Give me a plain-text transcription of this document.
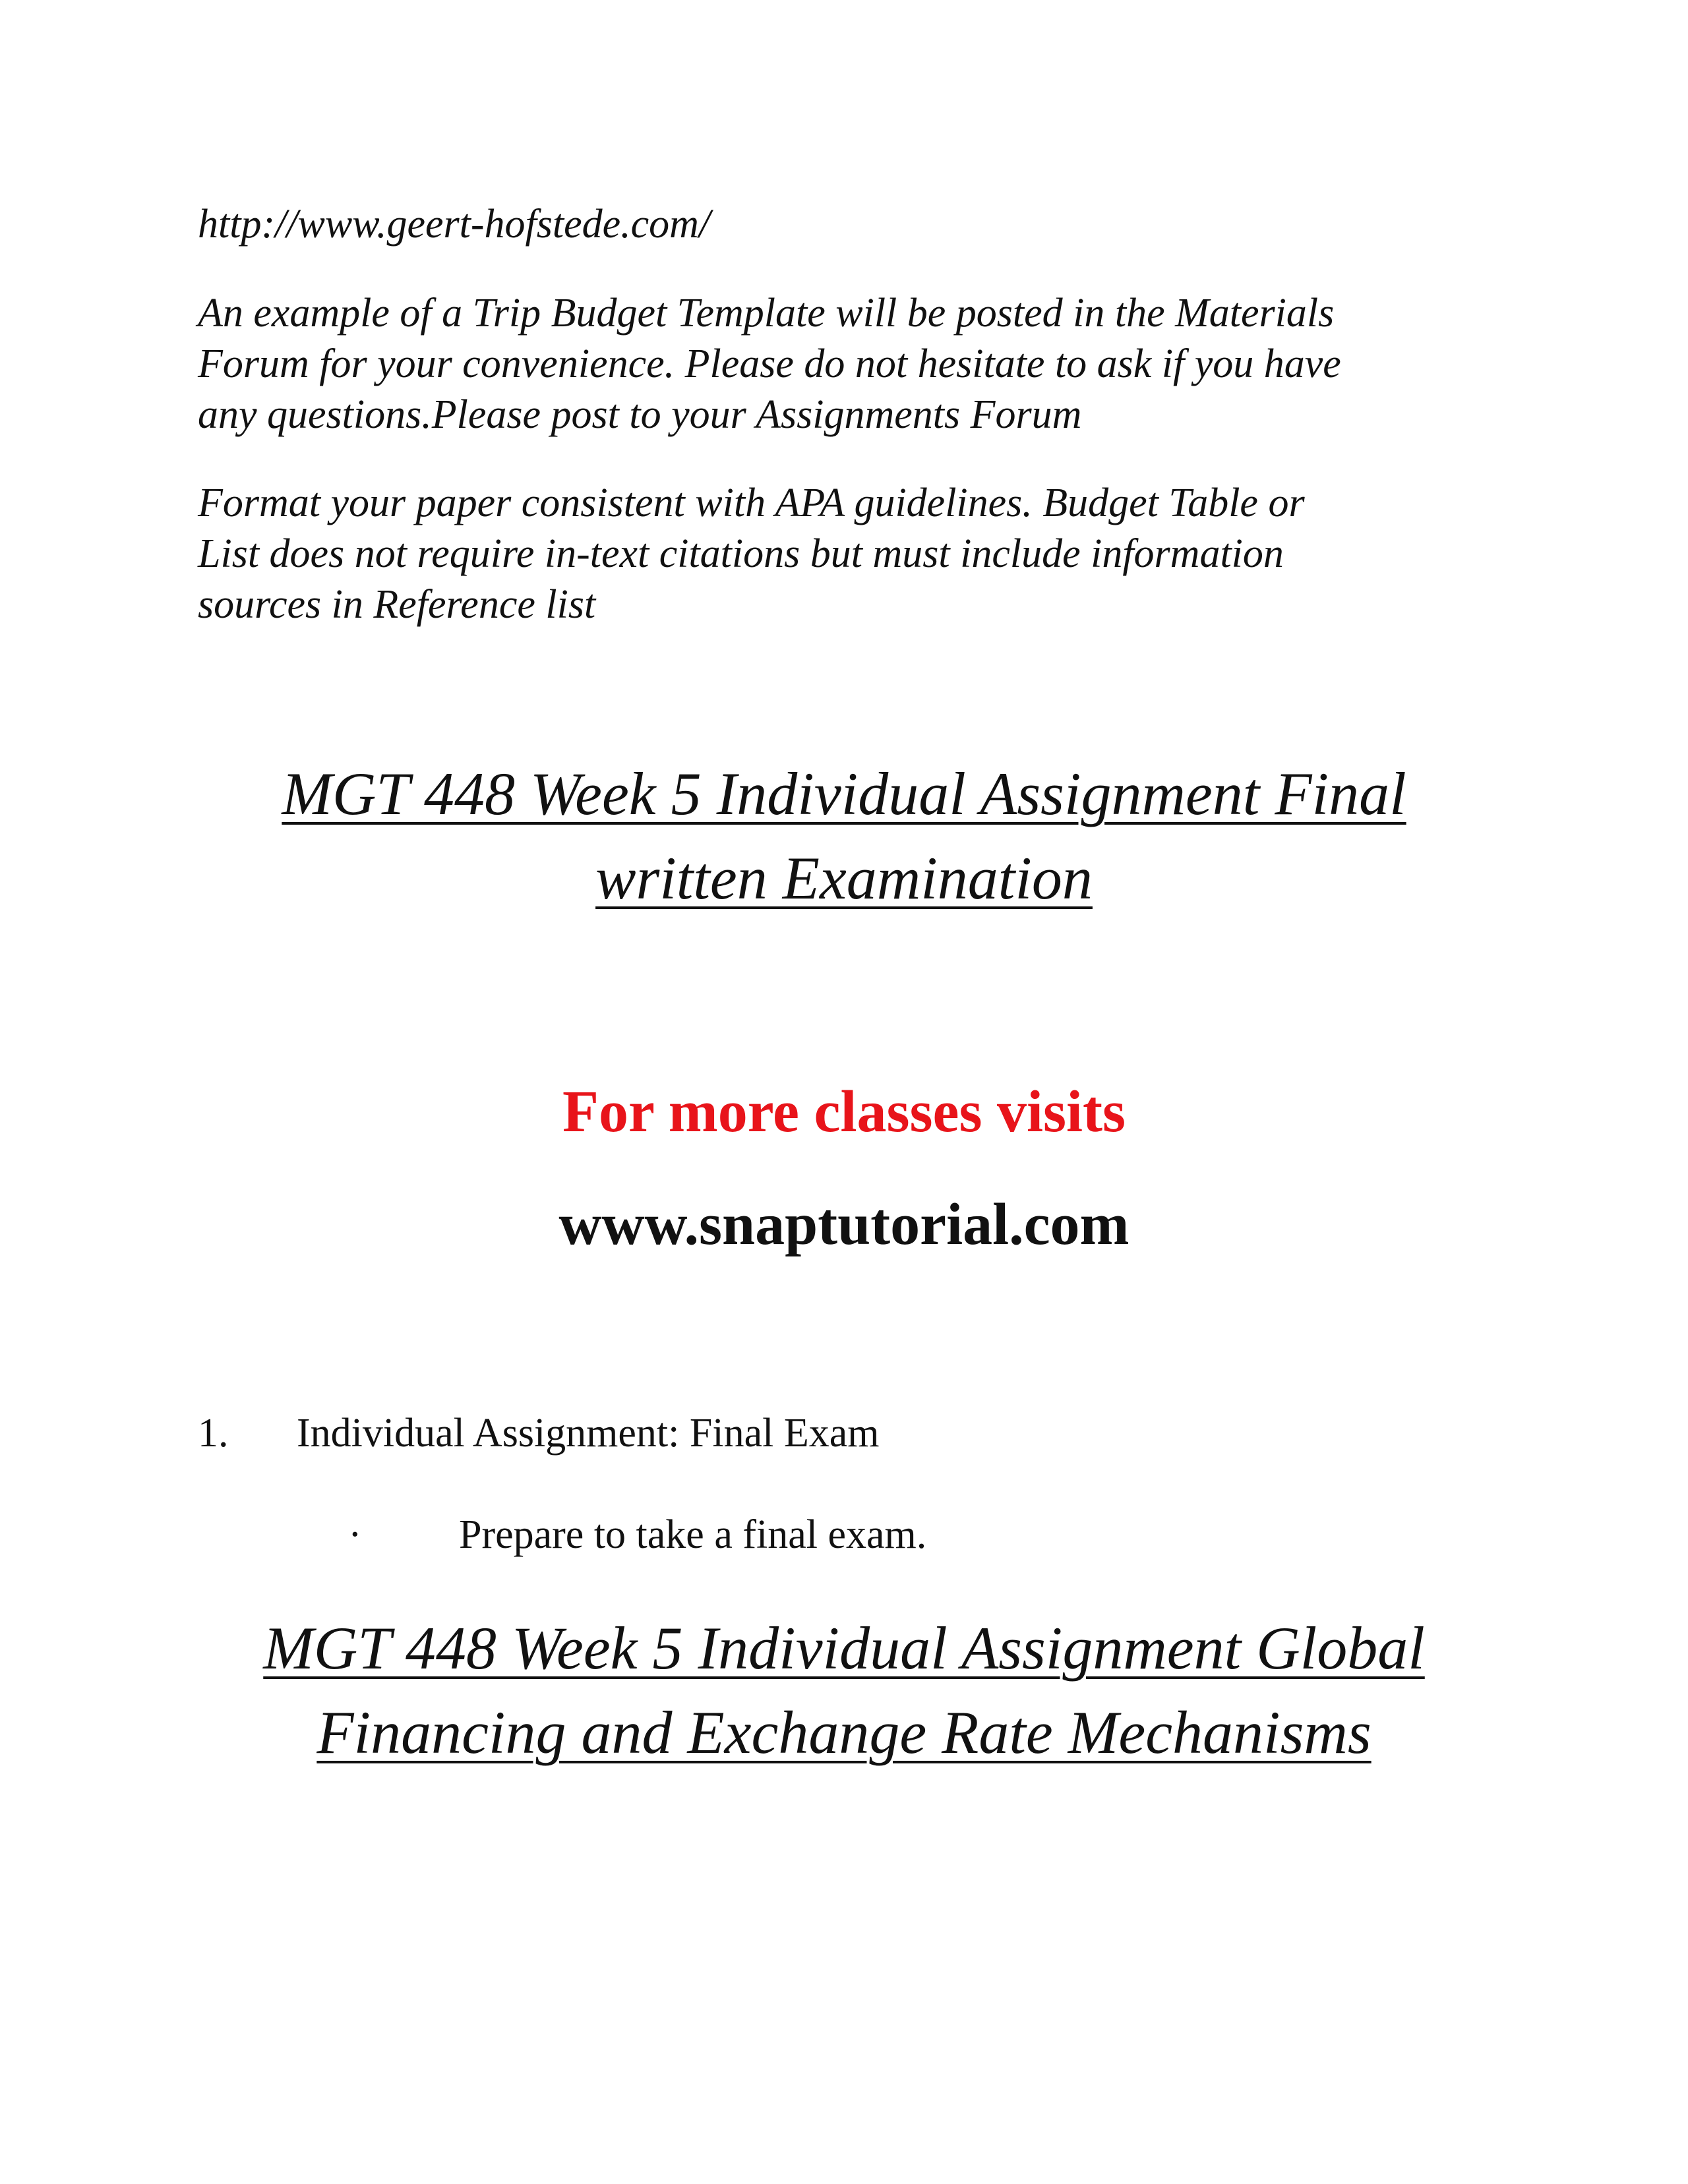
http://www.geert-hofstede.com/

An example of a Trip Budget Template will be posted in the Materials
Forum for your convenience. Please do not hesitate to ask if you have
any questions.Please post to your Assignments Forum

Format your paper consistent with APA guidelines. Budget Table or
List does not require in-text citations but must include information
sources in Reference list

MGT 448 Week 5 Individual Assignment Final
written Examination

For more classes visits

www.snaptutorial.com

1. Individual Assignment: Final Exam
· Prepare to take a final exam.
MGT 448 Week 5 Individual Assignment Global
Financing and Exchange Rate Mechanisms
